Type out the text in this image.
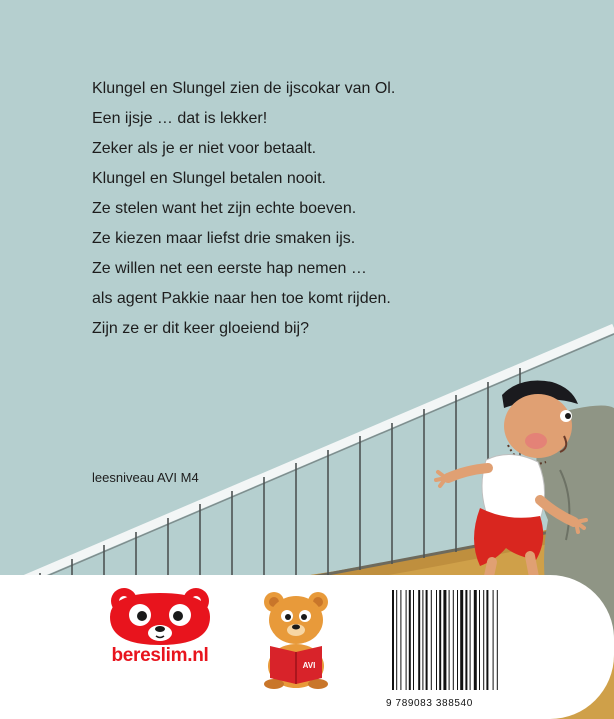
Klungel en Slungel zien de ijscokar van Ol.
Een ijsje … dat is lekker!
Zeker als je er niet voor betaalt.
Klungel en Slungel betalen nooit.
Ze stelen want het zijn echte boeven.
Ze kiezen maar liefst drie smaken ijs.
Ze willen net een eerste hap nemen …
als agent Pakkie naar hen toe komt rijden.
Zijn ze er dit keer gloeiend bij?
leesniveau AVI M4
bereslim.nl	AVI
9 789083 388540
